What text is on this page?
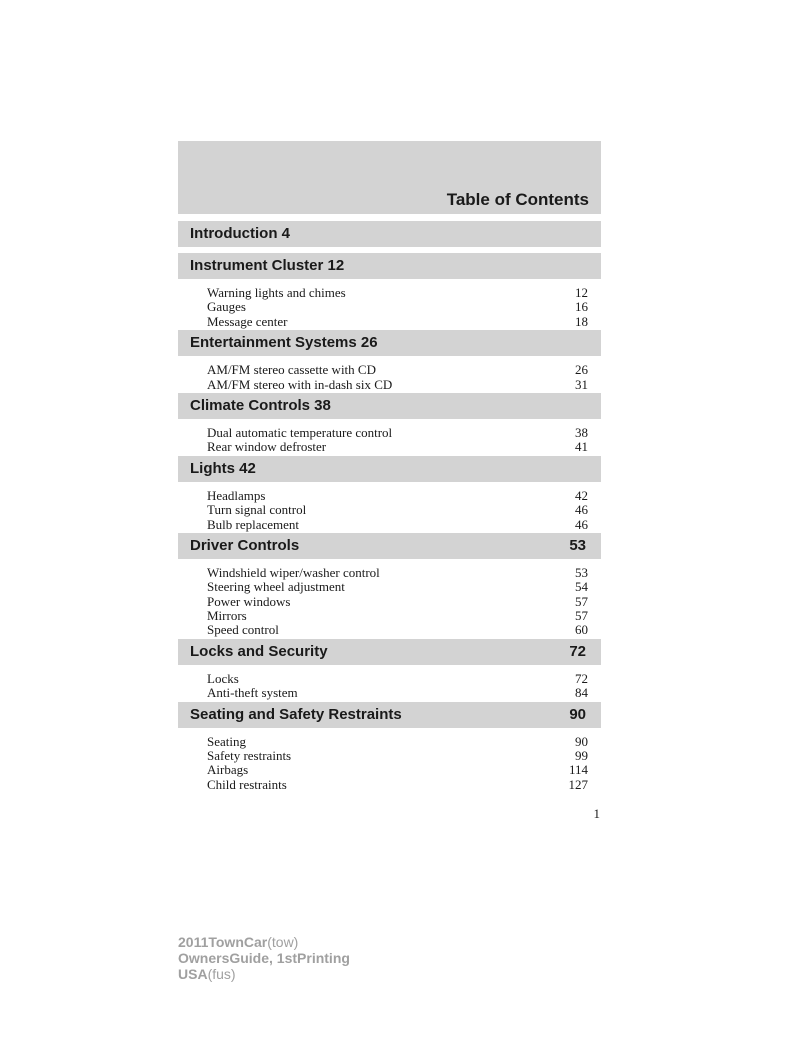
Table of Contents
Introduction 4
Instrument Cluster 12
Warning lights and chimes	12
Gauges	16
Message center	18
Entertainment Systems 26
AM/FM stereo cassette with CD	26
AM/FM stereo with in-dash six CD	31
Climate Controls 38
Dual automatic temperature control	38
Rear window defroster	41
Lights 42
Headlamps	42
Turn signal control	46
Bulb replacement	46
Driver Controls	53
Windshield wiper/washer control	53
Steering wheel adjustment	54
Power windows	57
Mirrors	57
Speed control	60
Locks and Security	72
Locks	72
Anti-theft system	84
Seating and Safety Restraints	90
Seating	90
Safety restraints	99
Airbags	114
Child restraints	127
1
2011TownCar(tow)
OwnersGuide, 1stPrinting
USA(fus)
